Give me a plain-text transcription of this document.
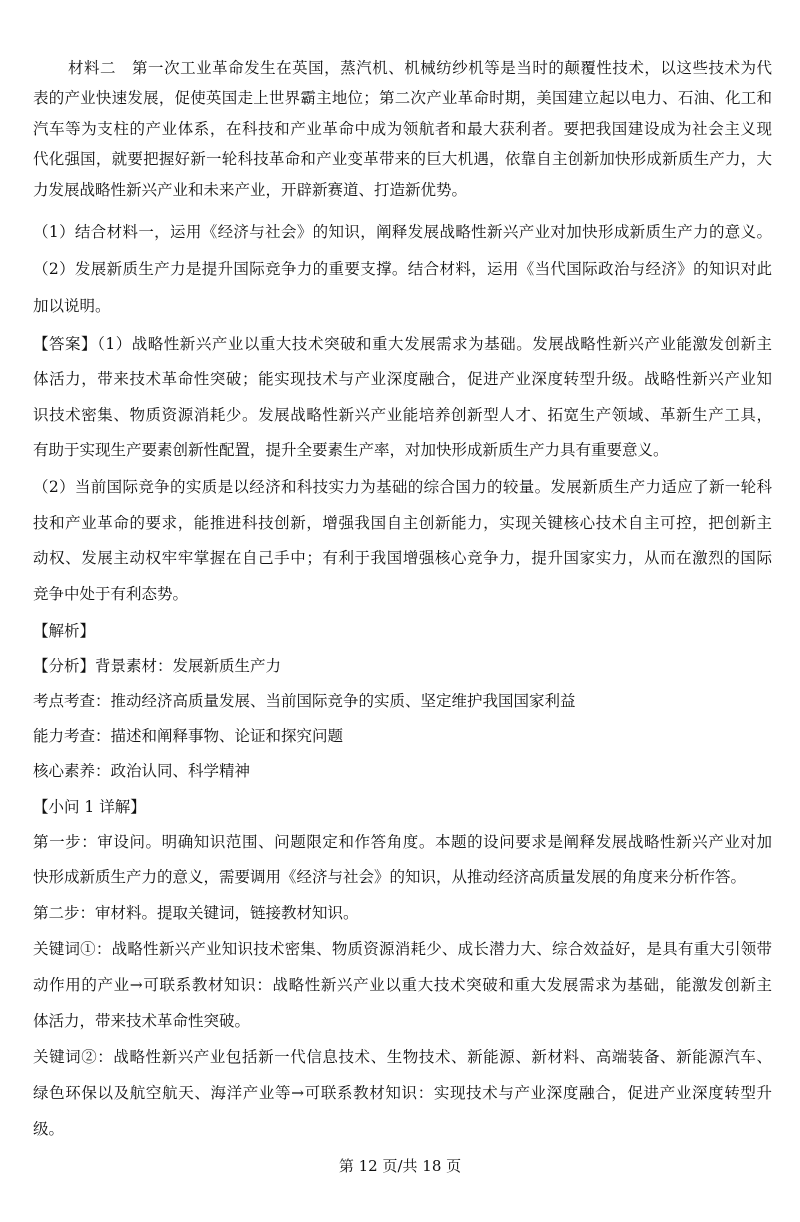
材料二　第一次工业革命发生在英国，蒸汽机、机械纺纱机等是当时的颠覆性技术，以这些技术为代
表的产业快速发展，促使英国走上世界霸主地位；第二次产业革命时期，美国建立起以电力、石油、化工和
汽车等为支柱的产业体系，在科技和产业革命中成为领航者和最大获利者。要把我国建设成为社会主义现
代化强国，就要把握好新一轮科技革命和产业变革带来的巨大机遇，依靠自主创新加快形成新质生产力，大
力发展战略性新兴产业和未来产业，开辟新赛道、打造新优势。
（1）结合材料一，运用《经济与社会》的知识，阐释发展战略性新兴产业对加快形成新质生产力的意义。
（2）发展新质生产力是提升国际竞争力的重要支撑。结合材料，运用《当代国际政治与经济》的知识对此
加以说明。
【答案】（1）战略性新兴产业以重大技术突破和重大发展需求为基础。发展战略性新兴产业能激发创新主
体活力，带来技术革命性突破；能实现技术与产业深度融合，促进产业深度转型升级。战略性新兴产业知
识技术密集、物质资源消耗少。发展战略性新兴产业能培养创新型人才、拓宽生产领域、革新生产工具，
有助于实现生产要素创新性配置，提升全要素生产率，对加快形成新质生产力具有重要意义。
（2）当前国际竞争的实质是以经济和科技实力为基础的综合国力的较量。发展新质生产力适应了新一轮科
技和产业革命的要求，能推进科技创新，增强我国自主创新能力，实现关键核心技术自主可控，把创新主
动权、发展主动权牢牢掌握在自己手中；有利于我国增强核心竞争力，提升国家实力，从而在激烈的国际
竞争中处于有利态势。
【解析】
【分析】背景素材：发展新质生产力
考点考查：推动经济高质量发展、当前国际竞争的实质、坚定维护我国国家利益
能力考查：描述和阐释事物、论证和探究问题
核心素养：政治认同、科学精神
【小问 1 详解】
第一步：审设问。明确知识范围、问题限定和作答角度。本题的设问要求是阐释发展战略性新兴产业对加
快形成新质生产力的意义，需要调用《经济与社会》的知识，从推动经济高质量发展的角度来分析作答。
第二步：审材料。提取关键词，链接教材知识。
关键词①：战略性新兴产业知识技术密集、物质资源消耗少、成长潜力大、综合效益好，是具有重大引领带
动作用的产业→可联系教材知识：战略性新兴产业以重大技术突破和重大发展需求为基础，能激发创新主
体活力，带来技术革命性突破。
关键词②：战略性新兴产业包括新一代信息技术、生物技术、新能源、新材料、高端装备、新能源汽车、
绿色环保以及航空航天、海洋产业等→可联系教材知识：实现技术与产业深度融合，促进产业深度转型升
级。
第 12 页/共 18 页
